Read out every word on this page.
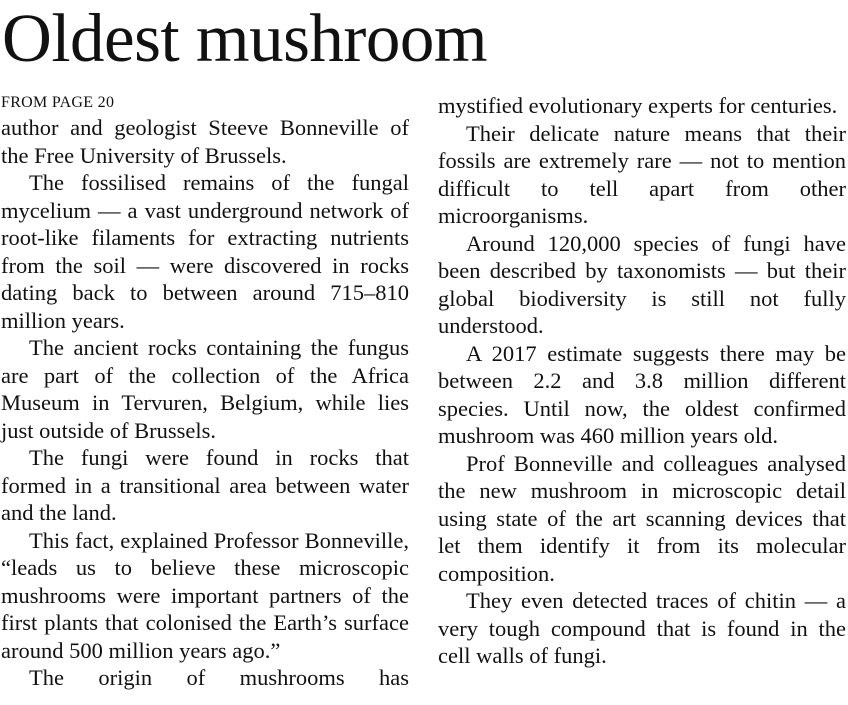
Oldest mushroom
FROM PAGE 20

author and geologist Steeve Bonneville of the Free University of Brussels.

The fossilised remains of the fungal mycelium — a vast underground network of root-like filaments for extracting nutrients from the soil — were discovered in rocks dating back to between around 715–810 million years.

The ancient rocks containing the fungus are part of the collection of the Africa Museum in Tervuren, Belgium, while lies just outside of Brussels.

The fungi were found in rocks that formed in a transitional area between water and the land.

This fact, explained Professor Bonneville, “leads us to believe these microscopic mushrooms were important partners of the first plants that colonised the Earth’s surface around 500 million years ago.”

The origin of mushrooms has

mystified evolutionary experts for centuries.

Their delicate nature means that their fossils are extremely rare — not to mention difficult to tell apart from other microorganisms.

Around 120,000 species of fungi have been described by taxonomists — but their global biodiversity is still not fully understood.

A 2017 estimate suggests there may be between 2.2 and 3.8 million different species. Until now, the oldest confirmed mushroom was 460 million years old.

Prof Bonneville and colleagues analysed the new mushroom in microscopic detail using state of the art scanning devices that let them identify it from its molecular composition.

They even detected traces of chitin — a very tough compound that is found in the cell walls of fungi.
